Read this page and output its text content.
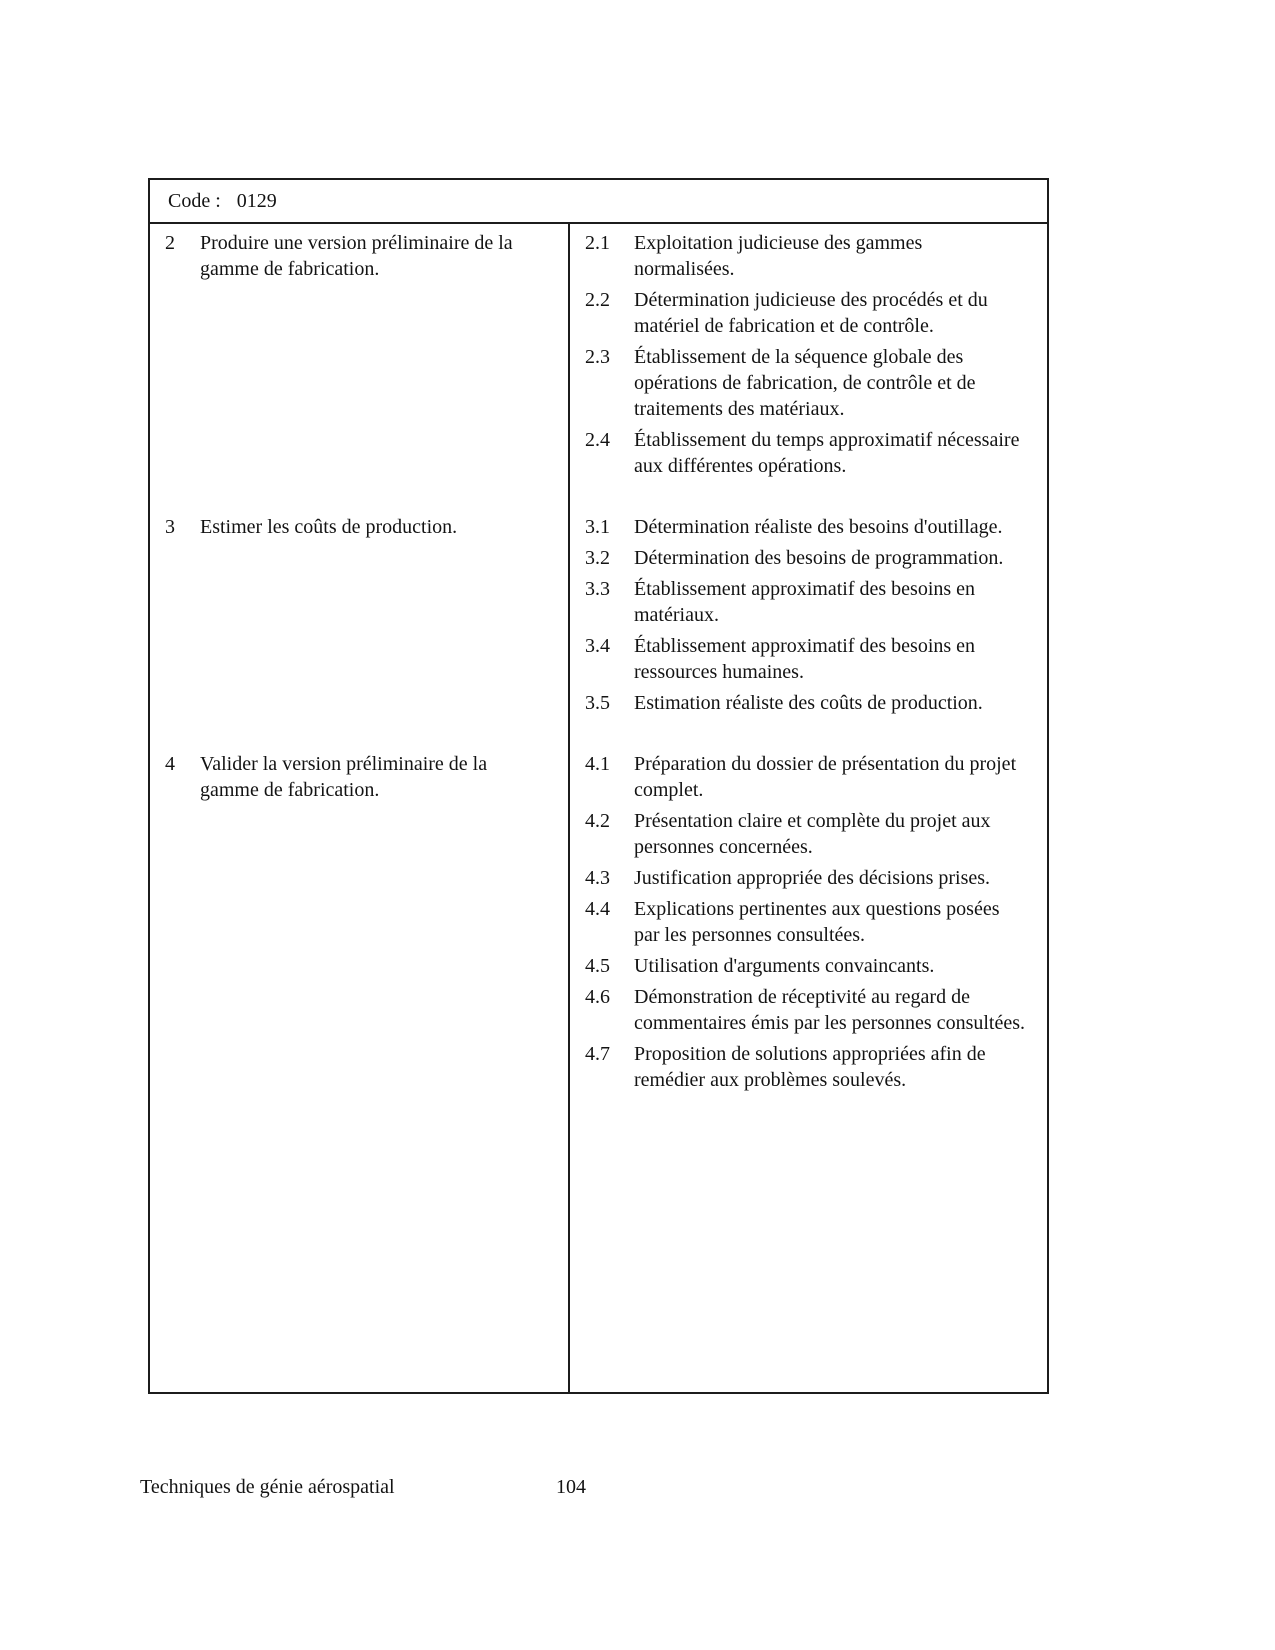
Code : 0129
2	Produire une version préliminaire de la gamme de fabrication.
2.1	Exploitation judicieuse des gammes normalisées.
2.2	Détermination judicieuse des procédés et du matériel de fabrication et de contrôle.
2.3	Établissement de la séquence globale des opérations de fabrication, de contrôle et de traitements des matériaux.
2.4	Établissement du temps approximatif nécessaire aux différentes opérations.
3	Estimer les coûts de production.	3.1	Détermination réaliste des besoins d'outillage.
3.2	Détermination des besoins de programmation.
3.3	Établissement approximatif des besoins en matériaux.
3.4	Établissement approximatif des besoins en ressources humaines.
3.5	Estimation réaliste des coûts de production.
4	Valider la version préliminaire de la gamme de fabrication.
4.1	Préparation du dossier de présentation du projet complet.
4.2	Présentation claire et complète du projet aux personnes concernées.
4.3	Justification appropriée des décisions prises.
4.4	Explications pertinentes aux questions posées par les personnes consultées.
4.5	Utilisation d'arguments convaincants.
4.6	Démonstration de réceptivité au regard de commentaires émis par les personnes consultées.
4.7	Proposition de solutions appropriées afin de remédier aux problèmes soulevés.
Techniques de génie aérospatial	104
